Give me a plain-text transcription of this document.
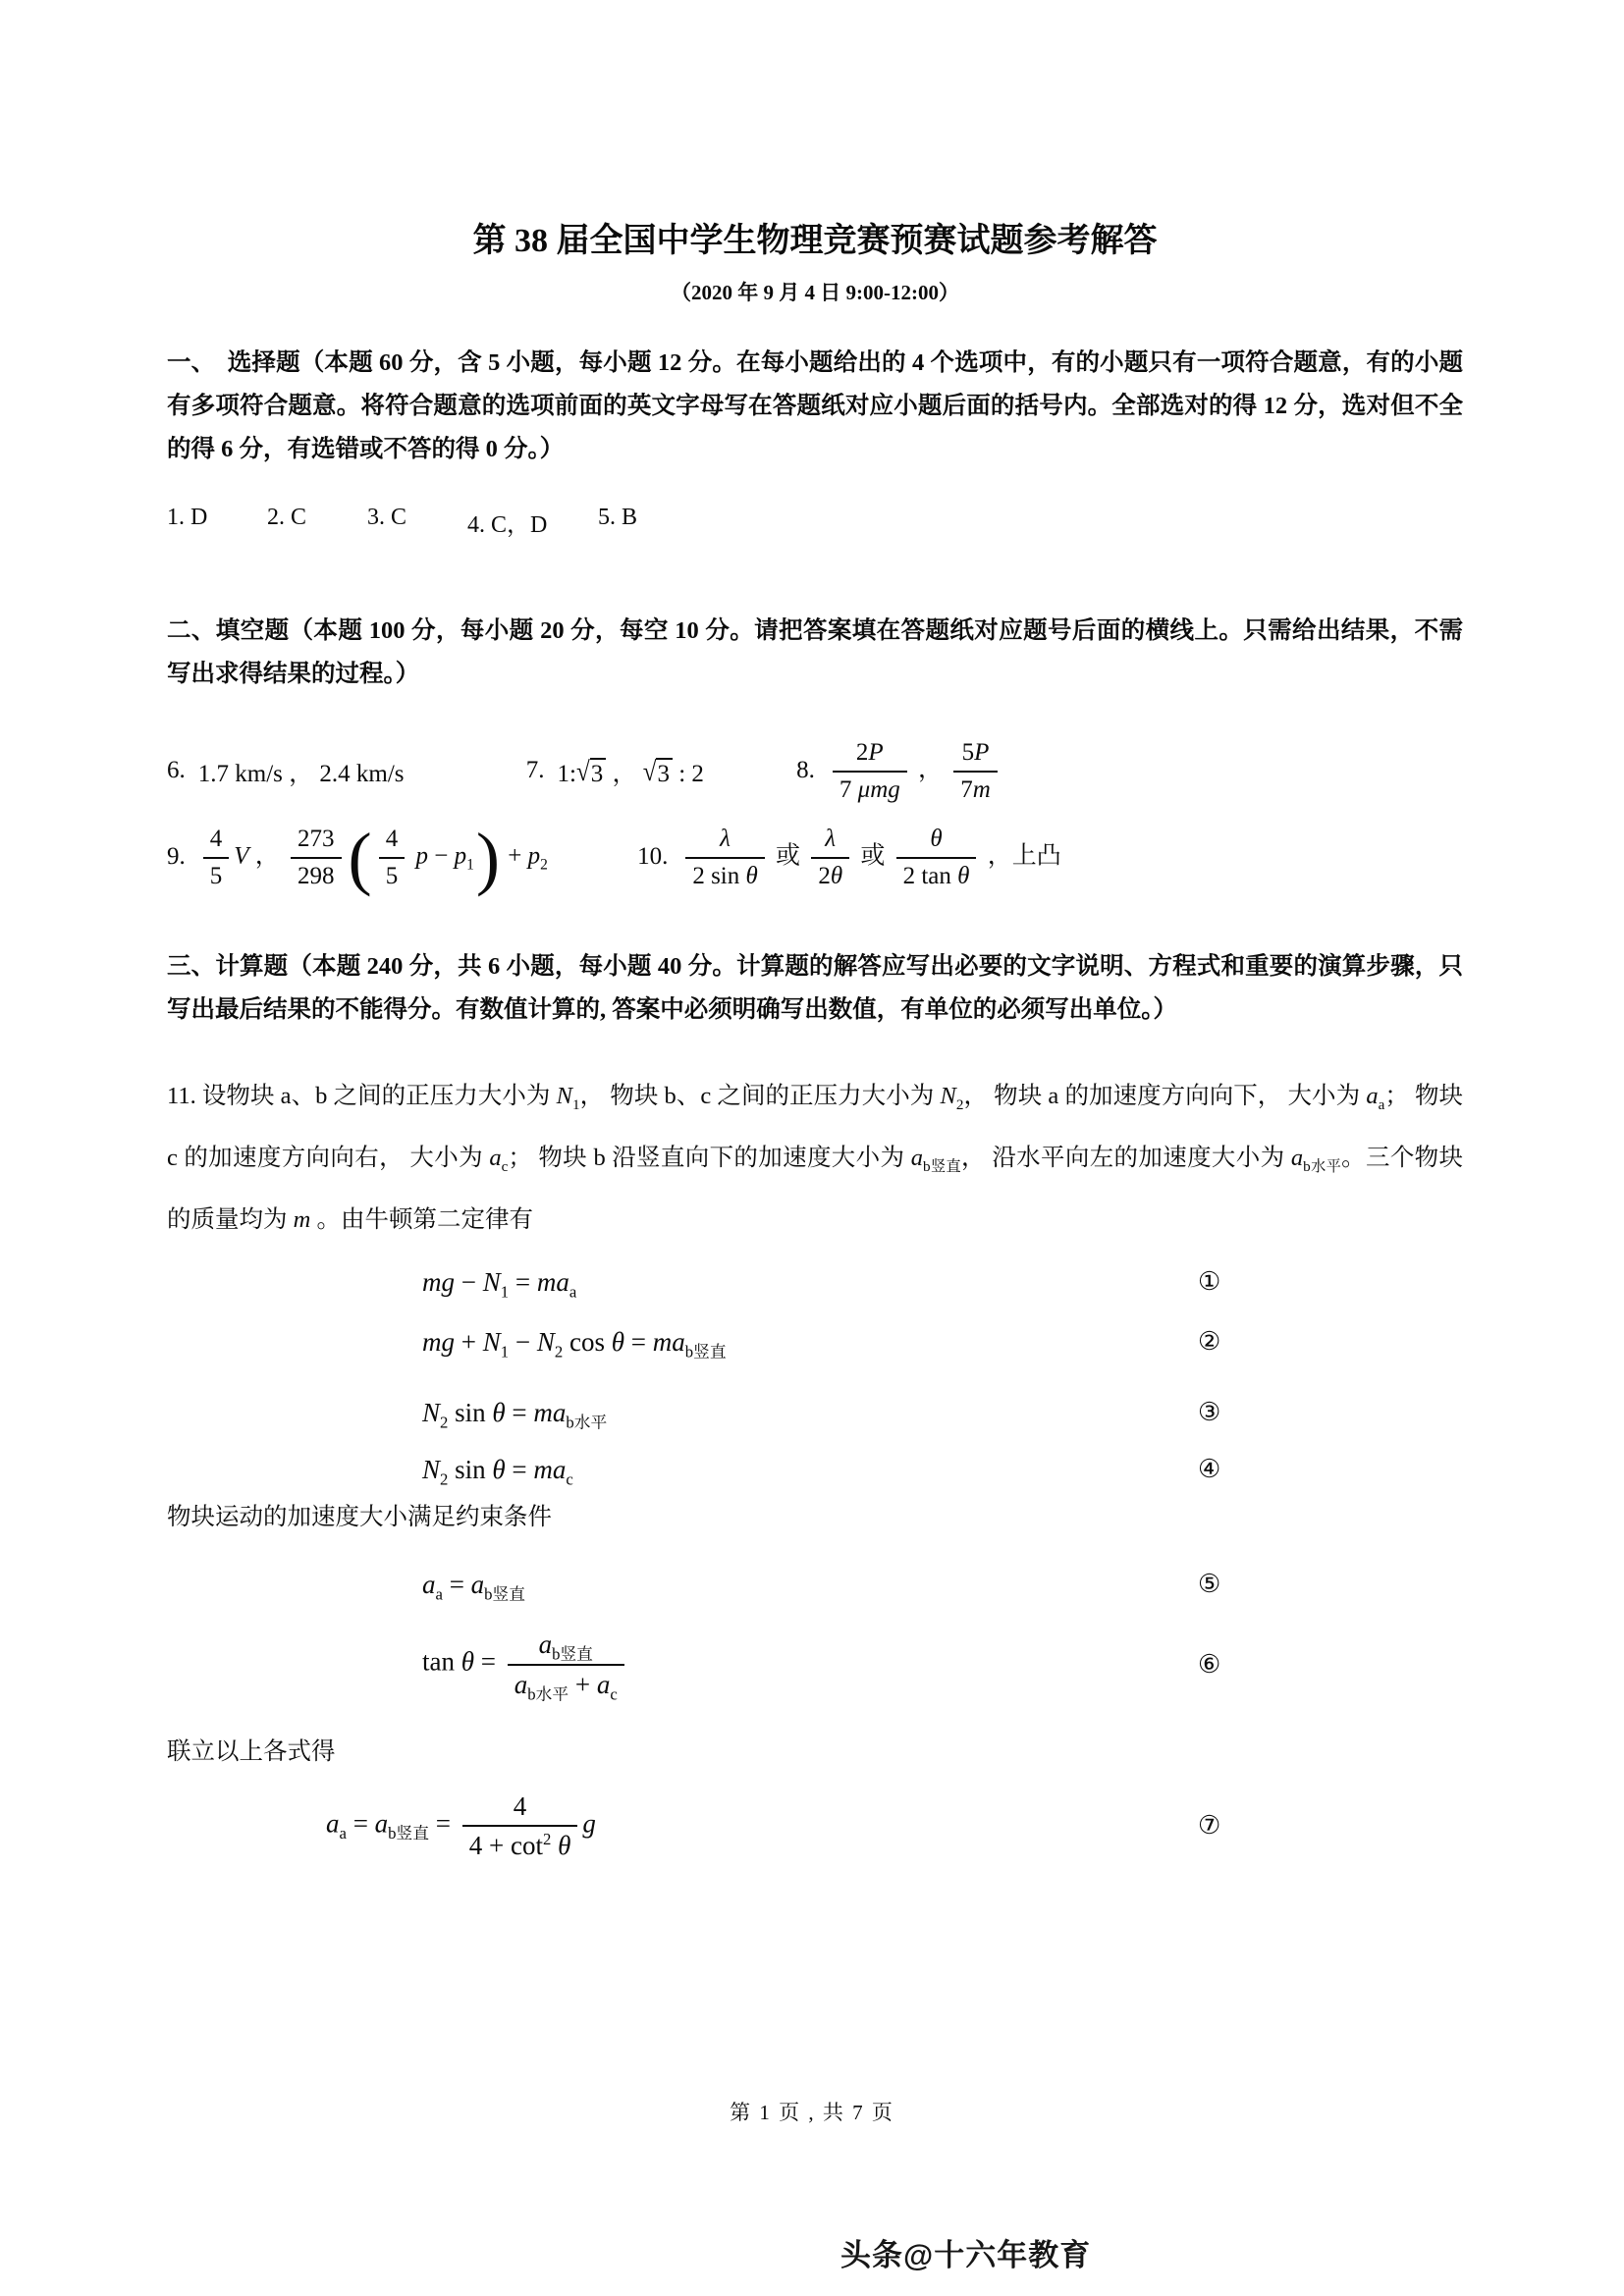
第 38 届全国中学生物理竞赛预赛试题参考解答
（2020 年 9 月 4 日 9:00-12:00）

一、　选择题（本题 60 分，含 5 小题，每小题 12 分。在每小题给出的 4 个选项中，有的小题只有一项符合题意，有的小题有多项符合题意。将符合题意的选项前面的英文字母写在答题纸对应小题后面的括号内。全部选对的得 12 分，选对但不全的得 6 分，有选错或不答的得 0 分。）

1. D	2. C	3. C	4. C，D	5. B

二、填空题（本题 100 分，每小题 20 分，每空 10 分。请把答案填在答题纸对应题号后面的横线上。只需给出结果，不需写出求得结果的过程。）

6. 1.7 km/s ， 2.4 km/s	7. 1:√3 ， √3 : 2	8. $\frac{2P}{\text{7 μmg}}$ ， $\frac{5P}{7m}$
9. $\frac{4}{5}$ V ， $\frac{273}{298}$ ( $\frac{4}{5}$ $p - p_1$
) + $p_2$	10. $\frac{\lambda}{\text{2 sin θ}}$ 或 $\frac{\lambda}{2\theta}$ 或 $\frac{\theta}{\text{2 tan θ}}$ ，上凸

三、计算题（本题 240 分，共 6 小题，每小题 40 分。计算题的解答应写出必要的文字说明、方程式和重要的演算步骤，只写出最后结果的不能得分。有数值计算的, 答案中必须明确写出数值，有单位的必须写出单位。）

11. 设物块 a、b 之间的正压力大小为 $N_1$， 物块 b、c 之间的正压力大小为 $N_2$， 物块 a 的加速度方向向下， 大小为 $a_a$； 物块 c 的加速度方向向右， 大小为 $a_c$； 物块 b 沿竖直向下的加速度大小为 $a_{b竖直}$， 沿水平向左的加速度大小为 $a_{b水平}$。三个物块的质量均为 m 。由牛顿第二定律有

mg − $N_1 = ma_a$	①
mg + $N_1 - N_2$ $\cos \theta = ma_{b竖直}$	②
$N_2$ $\sin \theta = ma_{b水平}$	③
$N_2$ $\sin \theta = ma_c$	④

物块运动的加速度大小满足约束条件

$a_a = a_{b竖直}$	⑤
$\tan \theta = \frac{a_{b竖直}}{a_{b水平} + a_c}$	⑥

联立以上各式得

$a_a = a_{b竖直} = \frac{4}{4 + \cot^2 \theta}$ g	⑦
第 1 页 , 共 7 页
头条@十六年教育
